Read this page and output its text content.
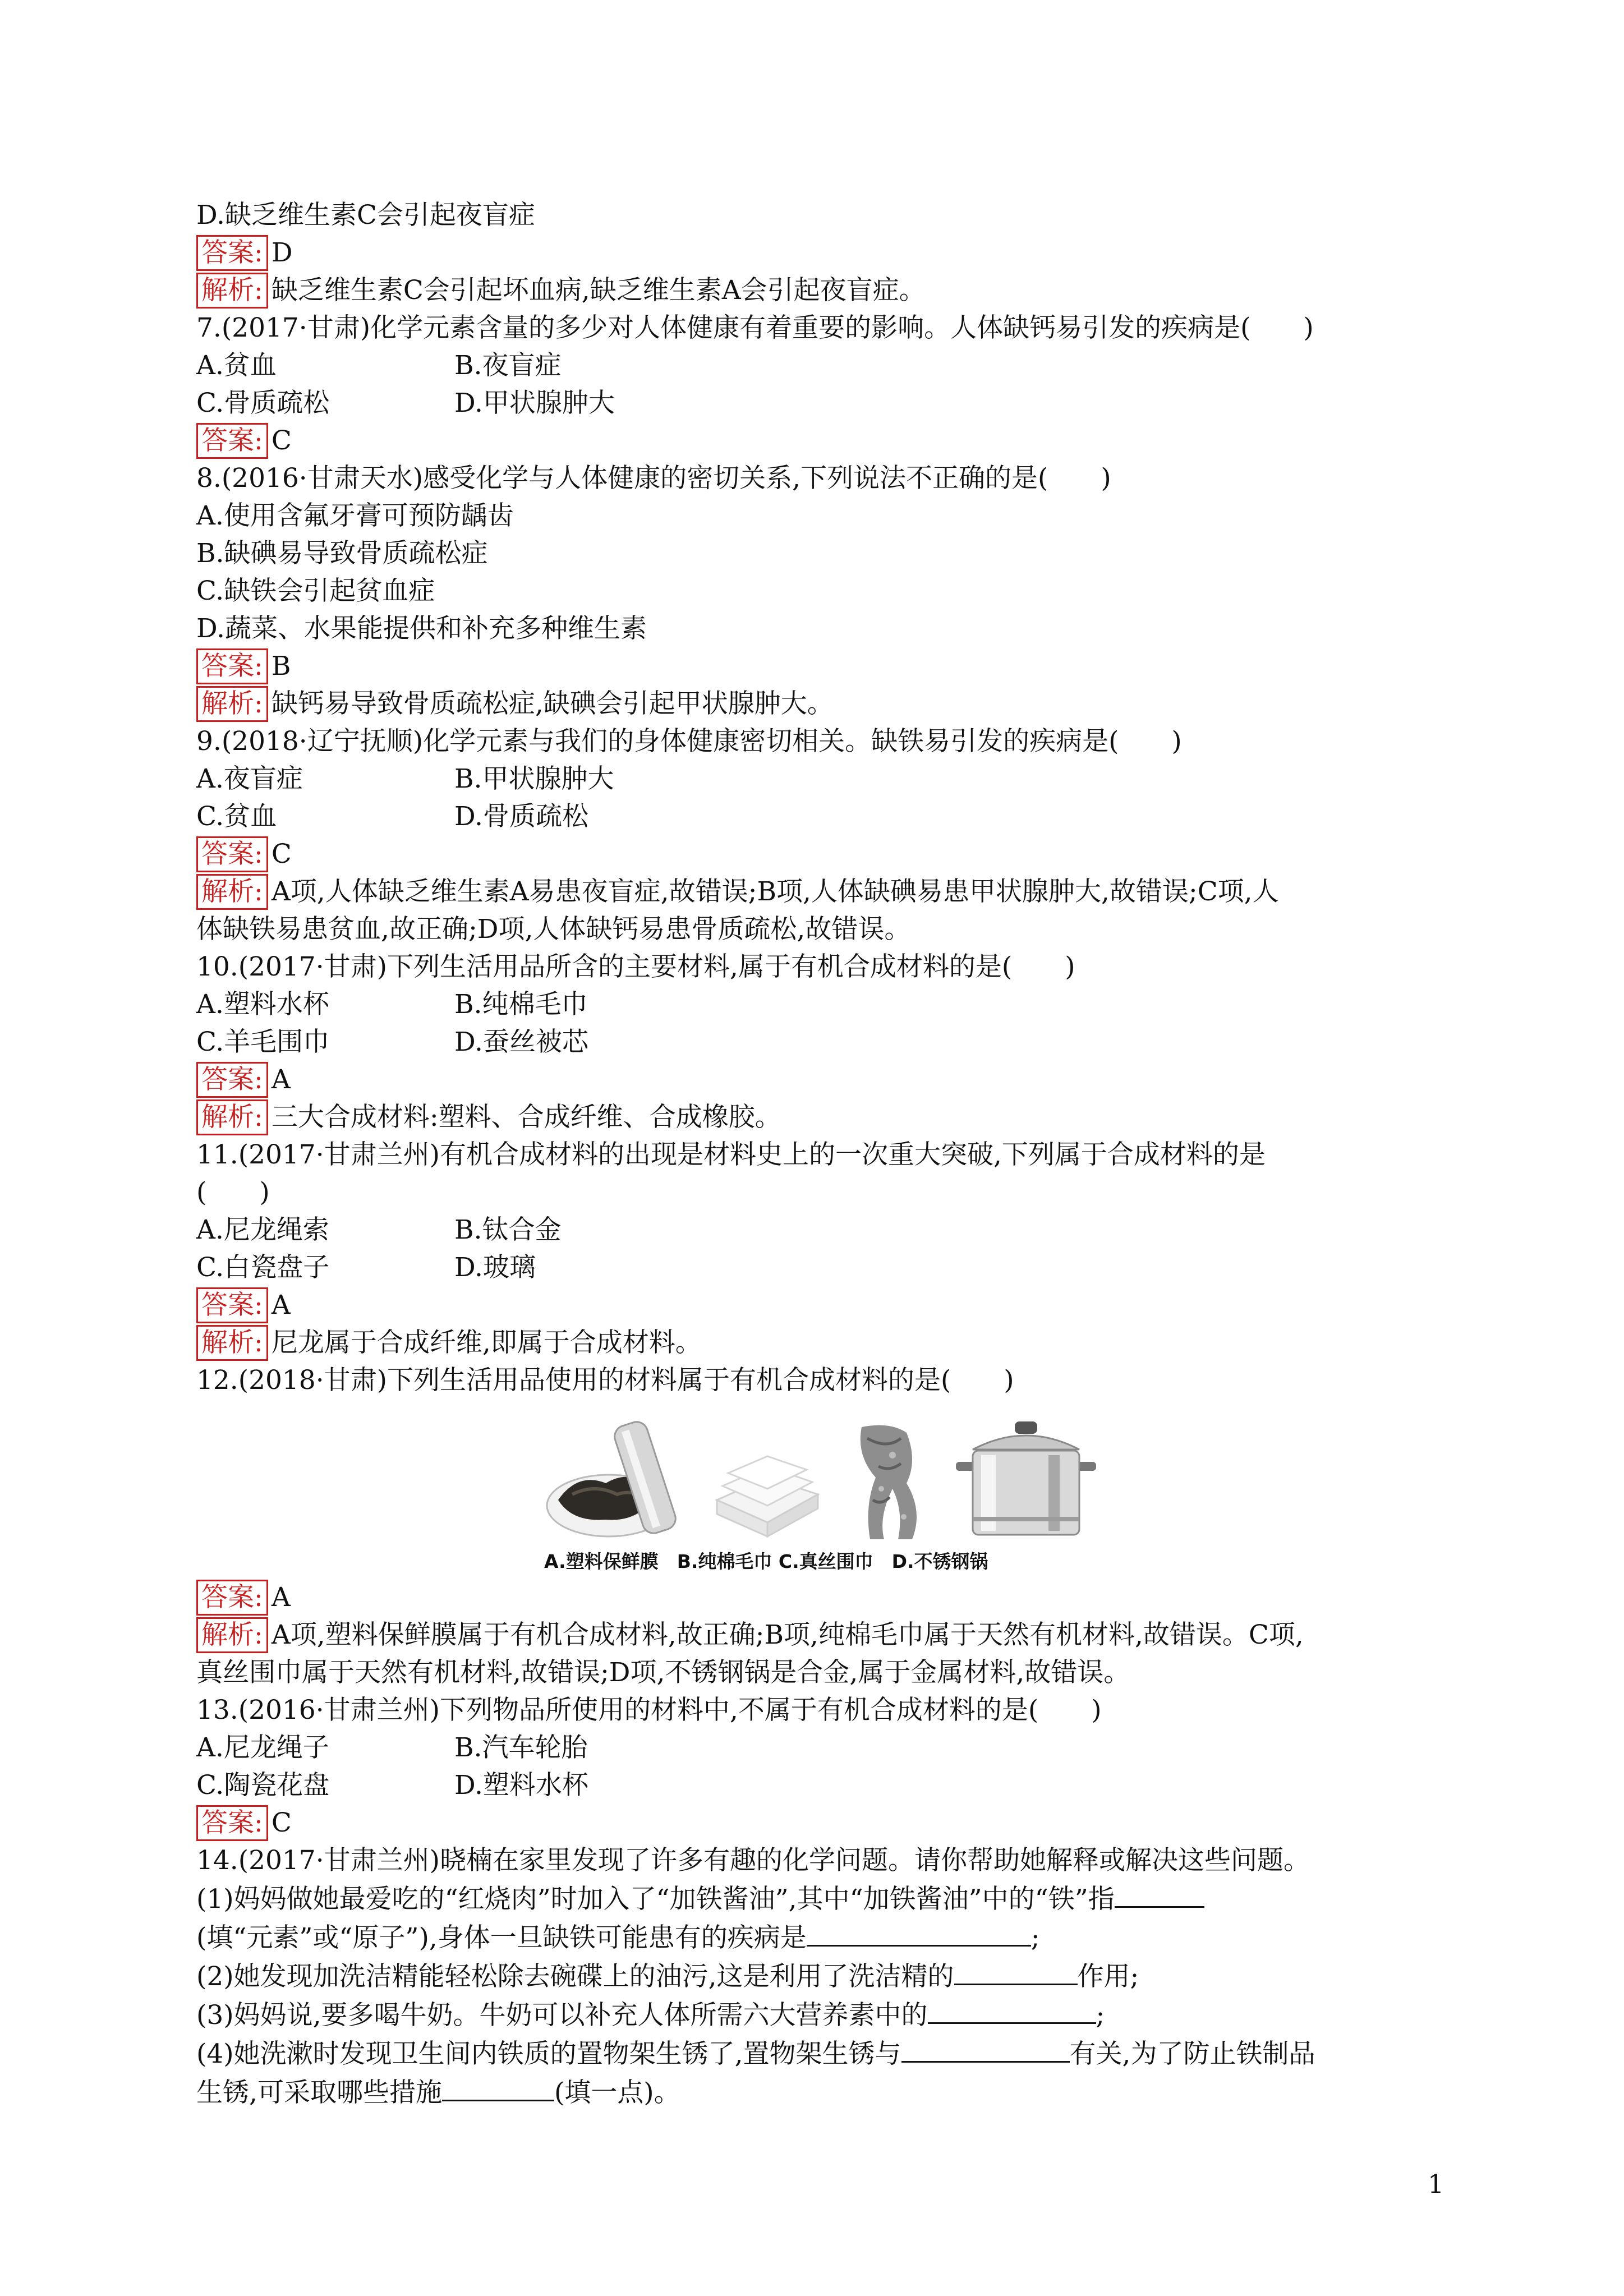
D.缺乏维生素C会引起夜盲症
答案: D
解析: 缺乏维生素C会引起坏血病,缺乏维生素A会引起夜盲症。
7.(2017·甘肃)化学元素含量的多少对人体健康有着重要的影响。人体缺钙易引发的疾病是(　　)
A.贫血	B.夜盲症
C.骨质疏松	D.甲状腺肿大
答案: C
8.(2016·甘肃天水)感受化学与人体健康的密切关系,下列说法不正确的是(　　)
A.使用含氟牙膏可预防龋齿
B.缺碘易导致骨质疏松症
C.缺铁会引起贫血症
D.蔬菜、水果能提供和补充多种维生素
答案: B
解析: 缺钙易导致骨质疏松症,缺碘会引起甲状腺肿大。
9.(2018·辽宁抚顺)化学元素与我们的身体健康密切相关。缺铁易引发的疾病是(　　)
A.夜盲症	B.甲状腺肿大
C.贫血	D.骨质疏松
答案: C
解析: A项,人体缺乏维生素A易患夜盲症,故错误;B项,人体缺碘易患甲状腺肿大,故错误;C项,人
体缺铁易患贫血,故正确;D项,人体缺钙易患骨质疏松,故错误。
10.(2017·甘肃)下列生活用品所含的主要材料,属于有机合成材料的是(　　)
A.塑料水杯	B.纯棉毛巾
C.羊毛围巾	D.蚕丝被芯
答案: A
解析: 三大合成材料:塑料、合成纤维、合成橡胶。
11.(2017·甘肃兰州)有机合成材料的出现是材料史上的一次重大突破,下列属于合成材料的是
(　　)
A.尼龙绳索	B.钛合金
C.白瓷盘子	D.玻璃
答案: A
解析: 尼龙属于合成纤维,即属于合成材料。
12.(2018·甘肃)下列生活用品使用的材料属于有机合成材料的是(　　)
A.塑料保鲜膜　B.纯棉毛巾 C.真丝围巾　D.不锈钢锅
答案: A
解析: A项,塑料保鲜膜属于有机合成材料,故正确;B项,纯棉毛巾属于天然有机材料,故错误。C项,
真丝围巾属于天然有机材料,故错误;D项,不锈钢锅是合金,属于金属材料,故错误。
13.(2016·甘肃兰州)下列物品所使用的材料中,不属于有机合成材料的是(　　)
A.尼龙绳子	B.汽车轮胎
C.陶瓷花盘	D.塑料水杯
答案: C
14.(2017·甘肃兰州)晓楠在家里发现了许多有趣的化学问题。请你帮助她解释或解决这些问题。
(1)妈妈做她最爱吃的“红烧肉”时加入了“加铁酱油”,其中“加铁酱油”中的“铁”指
(填“元素”或“原子”),身体一旦缺铁可能患有的疾病是	;
(2)她发现加洗洁精能轻松除去碗碟上的油污,这是利用了洗洁精的	作用;
(3)妈妈说,要多喝牛奶。牛奶可以补充人体所需六大营养素中的	;
(4)她洗漱时发现卫生间内铁质的置物架生锈了,置物架生锈与	有关,为了防止铁制品
生锈,可采取哪些措施	(填一点)。
1
